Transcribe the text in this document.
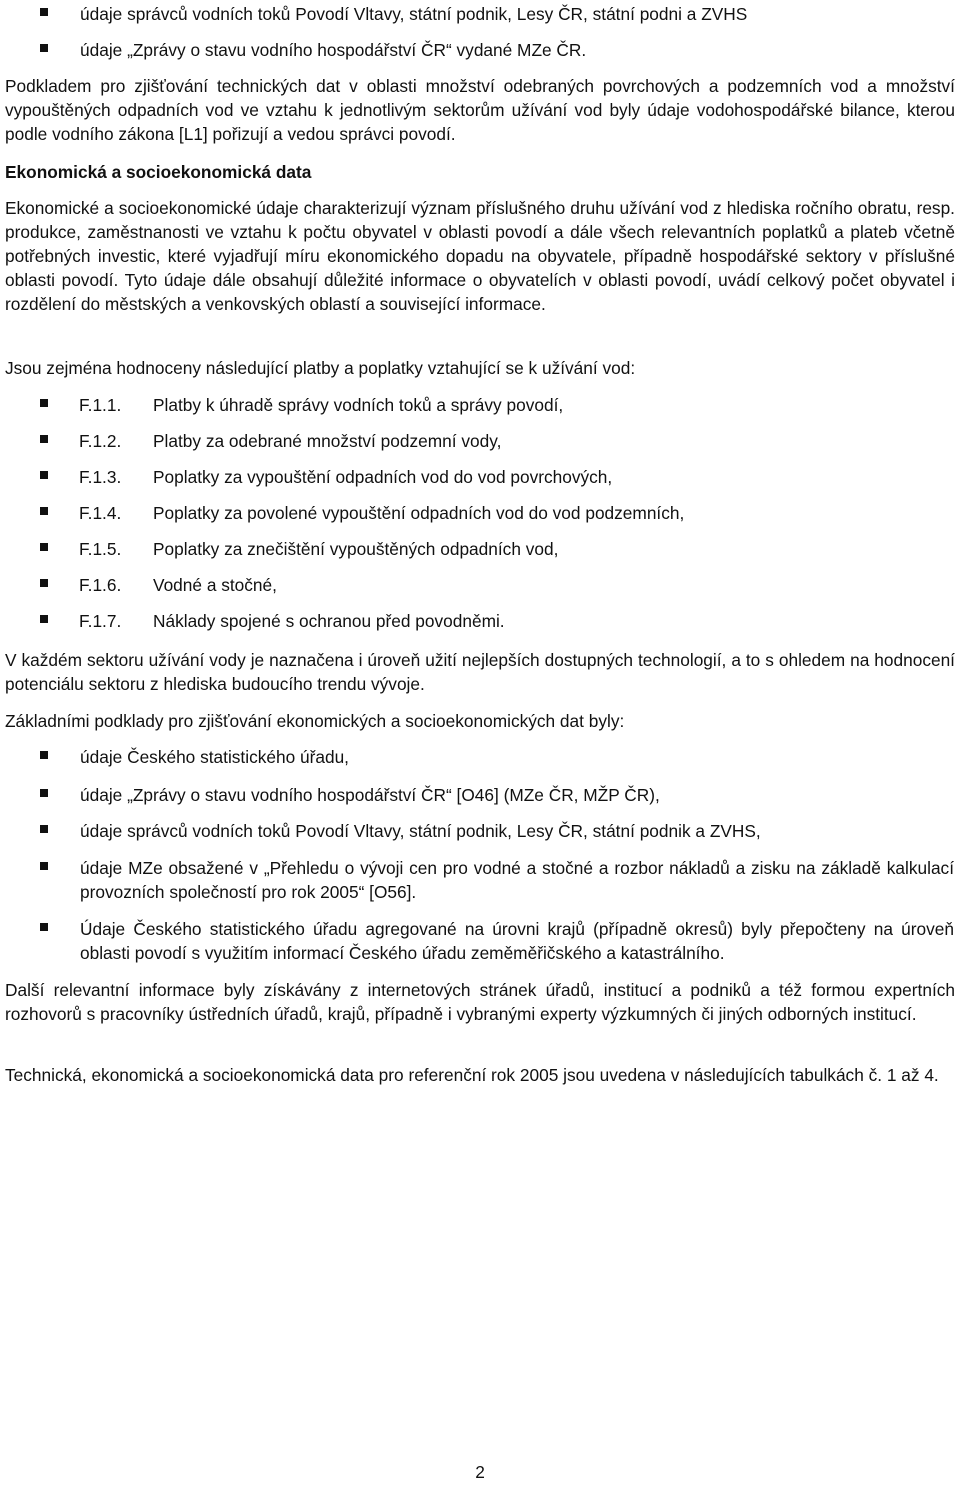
údaje správců vodních toků Povodí Vltavy, státní podnik, Lesy ČR, státní podni a ZVHS
údaje „Zprávy o stavu vodního hospodářství ČR“ vydané MZe ČR.

Podkladem pro zjišťování technických dat v oblasti množství odebraných povrchových a podzemních vod a množství vypouštěných odpadních vod ve vztahu k jednotlivým sektorům užívání vod byly údaje vodohospodářské bilance, kterou podle vodního zákona [L1] pořizují a vedou správci povodí.

Ekonomická a socioekonomická data

Ekonomické a socioekonomické údaje charakterizují význam příslušného druhu užívání vod z hlediska ročního obratu, resp. produkce, zaměstnanosti ve vztahu k počtu obyvatel v oblasti povodí a dále všech relevantních poplatků a plateb včetně potřebných investic, které vyjadřují míru ekonomického dopadu na obyvatele, případně hospodářské sektory v příslušné oblasti povodí. Tyto údaje dále obsahují důležité informace o obyvatelích v oblasti povodí, uvádí celkový počet obyvatel i rozdělení do městských a venkovských oblastí a související informace.

Jsou zejména hodnoceny následující platby a poplatky vztahující se k užívání vod:

F.1.1.	Platby k úhradě správy vodních toků a správy povodí,
F.1.2.	Platby za odebrané množství podzemní vody,
F.1.3.	Poplatky za vypouštění odpadních vod do vod povrchových,
F.1.4.	Poplatky za povolené vypouštění odpadních vod do vod podzemních,
F.1.5.	Poplatky za znečištění vypouštěných odpadních vod,
F.1.6.	Vodné a stočné,
F.1.7.	Náklady spojené s ochranou před povodněmi.

V každém sektoru užívání vody je naznačena i úroveň užití nejlepších dostupných technologií, a to s ohledem na hodnocení potenciálu sektoru z hlediska budoucího trendu vývoje.

Základními podklady pro zjišťování ekonomických a socioekonomických dat byly:

údaje Českého statistického úřadu,
údaje „Zprávy o stavu vodního hospodářství ČR“ [O46] (MZe ČR, MŽP ČR),
údaje správců vodních toků Povodí Vltavy, státní podnik, Lesy ČR, státní podnik a ZVHS,
údaje MZe obsažené v „Přehledu o vývoji cen pro vodné a stočné a rozbor nákladů a zisku na základě kalkulací provozních společností pro rok 2005“ [O56].
Údaje Českého statistického úřadu agregované na úrovni krajů (případně okresů) byly přepočteny na úroveň oblasti povodí s využitím informací Českého úřadu zeměměřičského a katastrálního.

Další relevantní informace byly získávány z internetových stránek úřadů, institucí a podniků a též formou expertních rozhovorů s pracovníky ústředních úřadů, krajů, případně i vybranými experty výzkumných či jiných odborných institucí.

Technická, ekonomická a socioekonomická data pro referenční rok 2005 jsou uvedena v následujících tabulkách č. 1 až 4.

2
